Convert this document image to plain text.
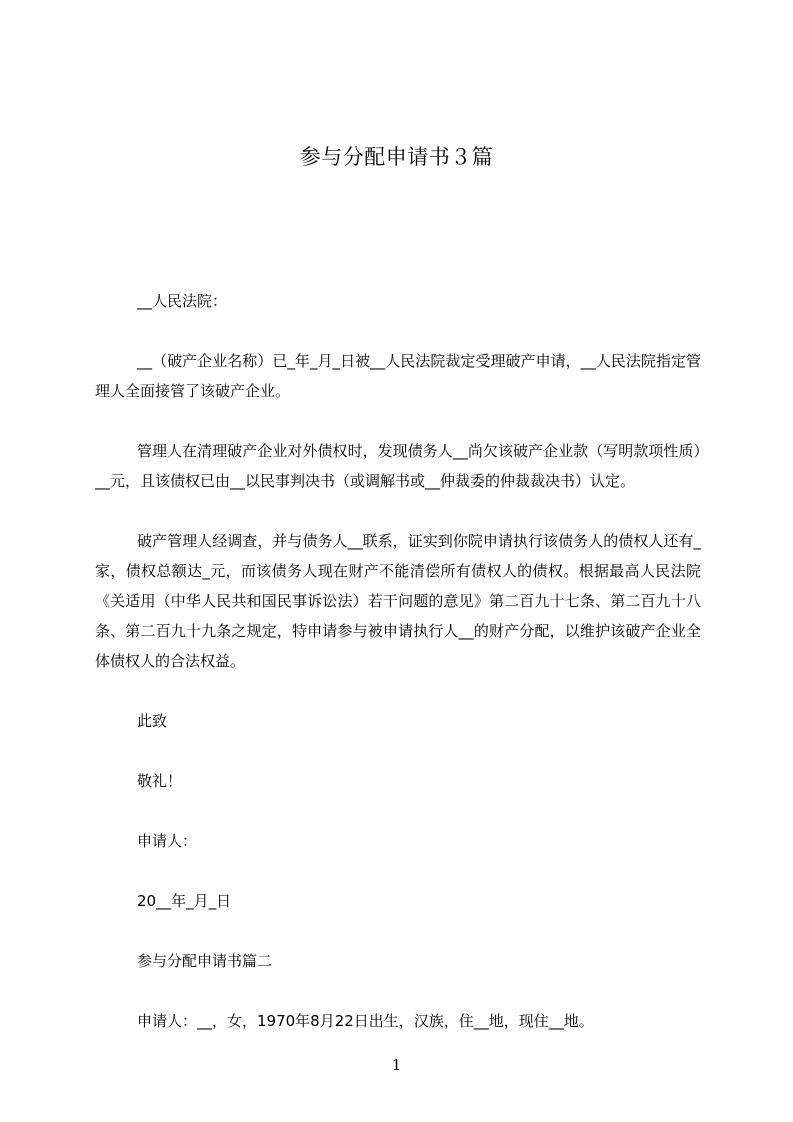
参与分配申请书３篇

__人民法院：

__（破产企业名称）已_年_月_日被__人民法院裁定受理破产申请，__人民法院指定管理人全面接管了该破产企业。

管理人在清理破产企业对外债权时，发现债务人__尚欠该破产企业款（写明款项性质）__元，且该债权已由__以民事判决书（或调解书或__仲裁委的仲裁裁决书）认定。

破产管理人经调查，并与债务人__联系，证实到你院申请执行该债务人的债权人还有_家，债权总额达_元，而该债务人现在财产不能清偿所有债权人的债权。根据最高人民法院《关适用（中华人民共和国民事诉讼法）若干问题的意见》第二百九十七条、第二百九十八条、第二百九十九条之规定，特申请参与被申请执行人__的财产分配，以维护该破产企业全体债权人的合法权益。

此致

敬礼！

申请人：

20__年_月_日

参与分配申请书篇二

申请人：__，女，1970年8月22日出生，汉族，住__地，现住__地。

1
